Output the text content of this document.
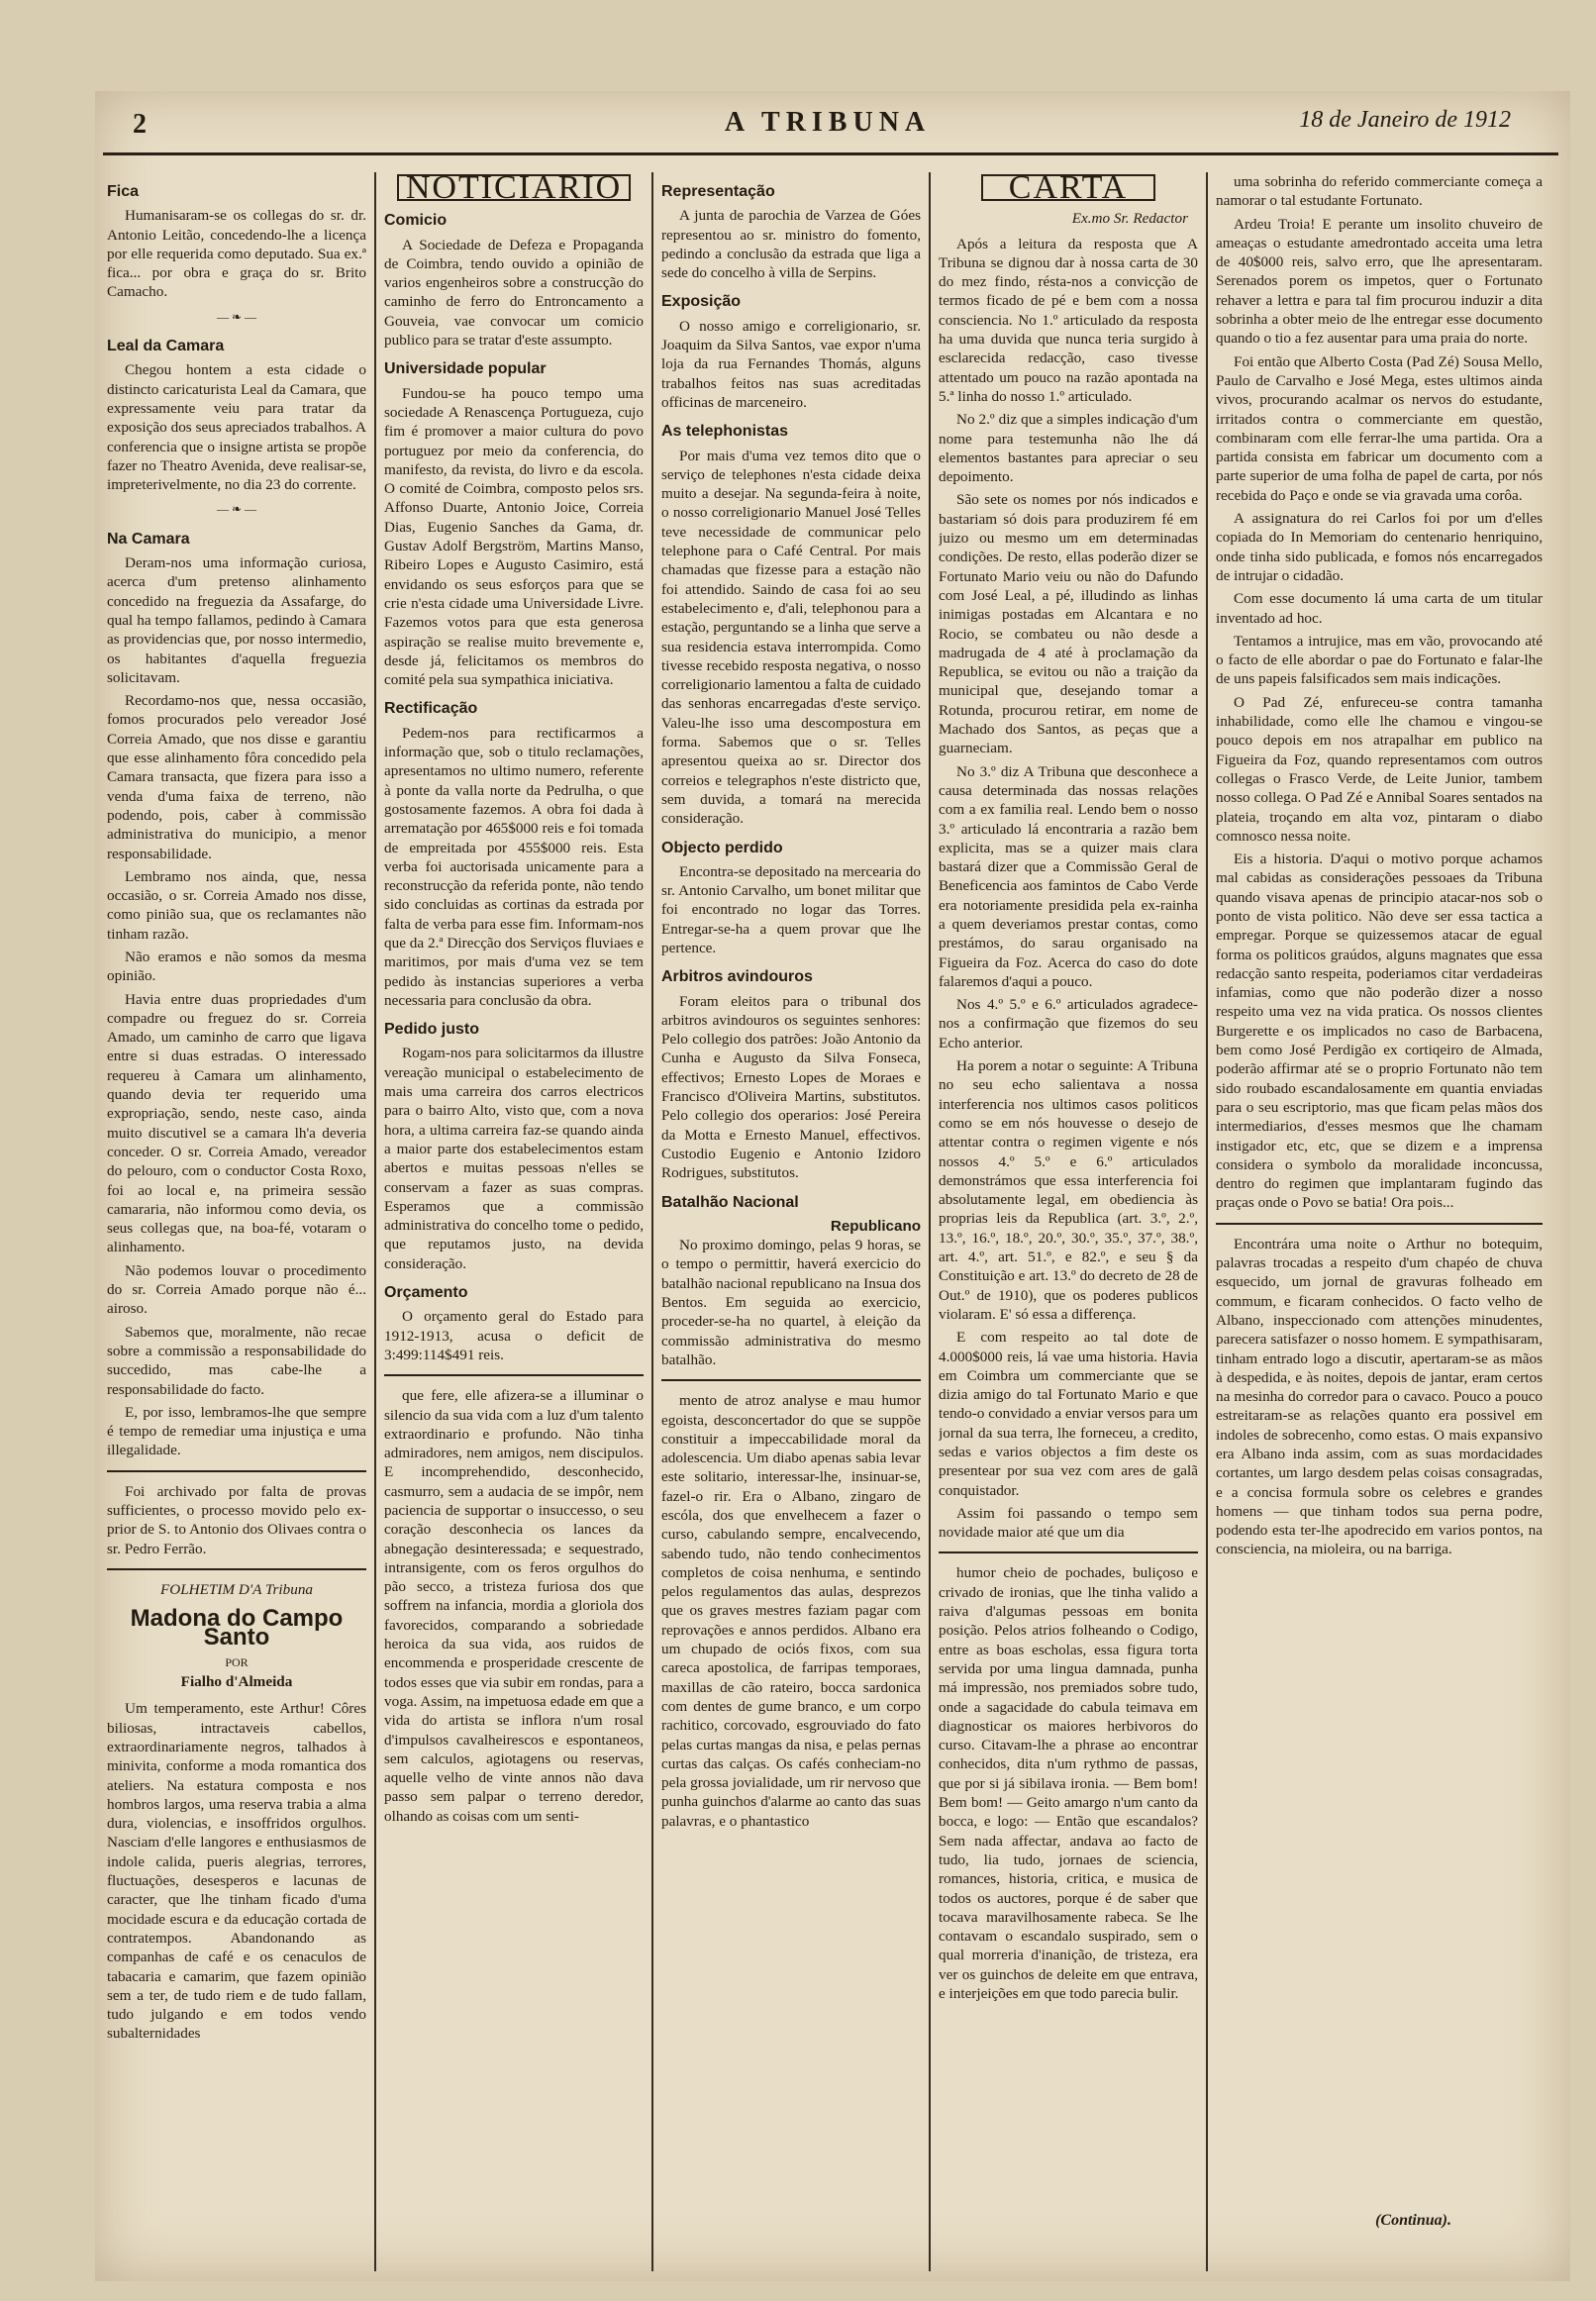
2	A TRIBUNA	18 de Janeiro de 1912
Fica

Humanisaram-se os collegas do sr. dr. Antonio Leitão, concedendo-lhe a licença por elle requerida como deputado. Sua ex.ª fica... por obra e graça do sr. Brito Camacho.

— ❧ —
Leal da Camara

Chegou hontem a esta cidade o distincto caricaturista Leal da Camara, que expressamente veiu para tratar da exposição dos seus apreciados trabalhos. A conferencia que o insigne artista se propõe fazer no Theatro Avenida, deve realisar-se, impreterivelmente, no dia 23 do corrente.

— ❧ —
Na Camara

Deram-nos uma informação curiosa, acerca d'um pretenso alinhamento concedido na freguezia da Assafarge, do qual ha tempo fallamos, pedindo à Camara as providencias que, por nosso intermedio, os habitantes d'aquella freguezia solicitavam.

Recordamo-nos que, nessa occasião, fomos procurados pelo vereador José Correia Amado, que nos disse e garantiu que esse alinhamento fôra concedido pela Camara transacta, que fizera para isso a venda d'uma faixa de terreno, não podendo, pois, caber à commissão administrativa do municipio, a menor responsabilidade.

Lembramo nos ainda, que, nessa occasião, o sr. Correia Amado nos disse, como pinião sua, que os reclamantes não tinham razão.

Não eramos e não somos da mesma opinião.

Havia entre duas propriedades d'um compadre ou freguez do sr. Correia Amado, um caminho de carro que ligava entre si duas estradas. O interessado requereu à Camara um alinhamento, quando devia ter requerido uma expropriação, sendo, neste caso, ainda muito discutivel se a camara lh'a deveria conceder. O sr. Correia Amado, vereador do pelouro, com o conductor Costa Roxo, foi ao local e, na primeira sessão camararia, não informou como devia, os seus collegas que, na boa-fé, votaram o alinhamento.

Não podemos louvar o procedimento do sr. Correia Amado porque não é... airoso.

Sabemos que, moralmente, não recae sobre a commissão a responsabilidade do succedido, mas cabe-lhe a responsabilidade do facto.

E, por isso, lembramos-lhe que sempre é tempo de remediar uma injustiça e uma illegalidade.

Foi archivado por falta de provas sufficientes, o processo movido pelo ex-prior de S. to Antonio dos Olivaes contra o sr. Pedro Ferrão.

FOLHETIM D'A Tribuna
Madona do Campo Santo
POR
Fialho d'Almeida

Um temperamento, este Arthur! Côres biliosas, intractaveis cabellos, extraordinariamente negros, talhados à minivita, conforme a moda romantica dos ateliers. Na estatura composta e nos hombros largos, uma reserva trabia a alma dura, violencias, e insoffridos orgulhos. Nasciam d'elle langores e enthusiasmos de indole calida, pueris alegrias, terrores, fluctuações, desesperos e lacunas de caracter, que lhe tinham ficado d'uma mocidade escura e da educação cortada de contratempos. Abandonando as companhas de café e os cenaculos de tabacaria e camarim, que fazem opinião sem a ter, de tudo riem e de tudo fallam, tudo julgando e em todos vendo subalternidades

NOTICIARIO
Comicio

A Sociedade de Defeza e Propaganda de Coimbra, tendo ouvido a opinião de varios engenheiros sobre a construcção do caminho de ferro do Entroncamento a Gouveia, vae convocar um comicio publico para se tratar d'este assumpto.

Universidade popular

Fundou-se ha pouco tempo uma sociedade A Renascença Portugueza, cujo fim é promover a maior cultura do povo portuguez por meio da conferencia, do manifesto, da revista, do livro e da escola. O comité de Coimbra, composto pelos srs. Affonso Duarte, Antonio Joice, Correia Dias, Eugenio Sanches da Gama, dr. Gustav Adolf Bergström, Martins Manso, Ribeiro Lopes e Augusto Casimiro, está envidando os seus esforços para que se crie n'esta cidade uma Universidade Livre. Fazemos votos para que esta generosa aspiração se realise muito brevemente e, desde já, felicitamos os membros do comité pela sua sympathica iniciativa.

Rectificação

Pedem-nos para rectificarmos a informação que, sob o titulo reclamações, apresentamos no ultimo numero, referente à ponte da valla norte da Pedrulha, o que gostosamente fazemos. A obra foi dada à arrematação por 465$000 reis e foi tomada de empreitada por 455$000 reis. Esta verba foi auctorisada unicamente para a reconstrucção da referida ponte, não tendo sido concluidas as cortinas da estrada por falta de verba para esse fim. Informam-nos que da 2.ª Direcção dos Serviços fluviaes e maritimos, por mais d'uma vez se tem pedido às instancias superiores a verba necessaria para conclusão da obra.

Pedido justo

Rogam-nos para solicitarmos da illustre vereação municipal o estabelecimento de mais uma carreira dos carros electricos para o bairro Alto, visto que, com a nova hora, a ultima carreira faz-se quando ainda a maior parte dos estabelecimentos estam abertos e muitas pessoas n'elles se conservam a fazer as suas compras. Esperamos que a commissão administrativa do concelho tome o pedido, que reputamos justo, na devida consideração.

Orçamento

O orçamento geral do Estado para 1912-1913, acusa o deficit de 3:499:114$491 reis.

que fere, elle afizera-se a illuminar o silencio da sua vida com a luz d'um talento extraordinario e profundo. Não tinha admiradores, nem amigos, nem discipulos. E incomprehendido, desconhecido, casmurro, sem a audacia de se impôr, nem paciencia de supportar o insuccesso, o seu coração desconhecia os lances da abnegação desinteressada; e sequestrado, intransigente, com os feros orgulhos do pão secco, a tristeza furiosa dos que soffrem na infancia, mordia a gloriola dos favorecidos, comparando a sobriedade heroica da sua vida, aos ruidos de encommenda e prosperidade crescente de todos esses que via subir em rondas, para a voga. Assim, na impetuosa edade em que a vida do artista se inflora n'um rosal d'impulsos cavalheirescos e espontaneos, sem calculos, agiotagens ou reservas, aquelle velho de vinte annos não dava passo sem palpar o terreno deredor, olhando as coisas com um senti-

Representação

A junta de parochia de Varzea de Góes representou ao sr. ministro do fomento, pedindo a conclusão da estrada que liga a sede do concelho à villa de Serpins.

Exposição

O nosso amigo e correligionario, sr. Joaquim da Silva Santos, vae expor n'uma loja da rua Fernandes Thomás, alguns trabalhos feitos nas suas acreditadas officinas de marceneiro.

As telephonistas

Por mais d'uma vez temos dito que o serviço de telephones n'esta cidade deixa muito a desejar. Na segunda-feira à noite, o nosso correligionario Manuel José Telles teve necessidade de communicar pelo telephone para o Café Central. Por mais chamadas que fizesse para a estação não foi attendido. Saindo de casa foi ao seu estabelecimento e, d'ali, telephonou para a estação, perguntando se a linha que serve a sua residencia estava interrompida. Como tivesse recebido resposta negativa, o nosso correligionario lamentou a falta de cuidado das senhoras encarregadas d'este serviço. Valeu-lhe isso uma descompostura em forma. Sabemos que o sr. Telles apresentou queixa ao sr. Director dos correios e telegraphos n'este districto que, sem duvida, a tomará na merecida consideração.

Objecto perdido

Encontra-se depositado na mercearia do sr. Antonio Carvalho, um bonet militar que foi encontrado no logar das Torres. Entregar-se-ha a quem provar que lhe pertence.

Arbitros avindouros

Foram eleitos para o tribunal dos arbitros avindouros os seguintes senhores: Pelo collegio dos patrões: João Antonio da Cunha e Augusto da Silva Fonseca, effectivos; Ernesto Lopes de Moraes e Francisco d'Oliveira Martins, substitutos. Pelo collegio dos operarios: José Pereira da Motta e Ernesto Manuel, effectivos. Custodio Eugenio e Antonio Izidoro Rodrigues, substitutos.

Batalhão Nacional
Republicano

No proximo domingo, pelas 9 horas, se o tempo o permittir, haverá exercicio do batalhão nacional republicano na Insua dos Bentos. Em seguida ao exercicio, proceder-se-ha no quartel, à eleição da commissão administrativa do mesmo batalhão.

mento de atroz analyse e mau humor egoista, desconcertador do que se suppõe constituir a impeccabilidade moral da adolescencia. Um diabo apenas sabia levar este solitario, interessar-lhe, insinuar-se, fazel-o rir. Era o Albano, zingaro de escóla, dos que envelhecem a fazer o curso, cabulando sempre, encalvecendo, sabendo tudo, não tendo conhecimentos completos de coisa nenhuma, e sentindo pelos regulamentos das aulas, desprezos que os graves mestres faziam pagar com reprovações e annos perdidos. Albano era um chupado de ociós fixos, com sua careca apostolica, de farripas temporaes, maxillas de cão rateiro, bocca sardonica com dentes de gume branco, e um corpo rachitico, corcovado, esgrouviado do fato pelas curtas mangas da nisa, e pelas pernas curtas das calças. Os cafés conheciam-no pela grossa jovialidade, um rir nervoso que punha guinchos d'alarme ao canto das suas palavras, e o phantastico

CARTA
Ex.mo Sr. Redactor

Após a leitura da resposta que A Tribuna se dignou dar à nossa carta de 30 do mez findo, résta-nos a convicção de termos ficado de pé e bem com a nossa consciencia. No 1.º articulado da resposta ha uma duvida que nunca teria surgido à esclarecida redacção, caso tivesse attentado um pouco na razão apontada na 5.ª linha do nosso 1.º articulado.

No 2.º diz que a simples indicação d'um nome para testemunha não lhe dá elementos bastantes para apreciar o seu depoimento.

São sete os nomes por nós indicados e bastariam só dois para produzirem fé em juizo ou mesmo um em determinadas condições. De resto, ellas poderão dizer se Fortunato Mario veiu ou não do Dafundo com José Leal, a pé, illudindo as linhas inimigas postadas em Alcantara e no Rocio, se combateu ou não desde a madrugada de 4 até à proclamação da Republica, se evitou ou não a traição da municipal que, desejando tomar a Rotunda, procurou retirar, em nome de Machado dos Santos, as peças que a guarneciam.

No 3.º diz A Tribuna que desconhece a causa determinada das nossas relações com a ex familia real. Lendo bem o nosso 3.º articulado lá encontraria a razão bem explicita, mas se a quizer mais clara bastará dizer que a Commissão Geral de Beneficencia aos famintos de Cabo Verde era notoriamente presidida pela ex-rainha a quem deveriamos prestar contas, como prestámos, do sarau organisado na Figueira da Foz. Acerca do caso do dote falaremos d'aqui a pouco.

Nos 4.º 5.º e 6.º articulados agradece-nos a confirmação que fizemos do seu Echo anterior.

Ha porem a notar o seguinte: A Tribuna no seu echo salientava a nossa interferencia nos ultimos casos politicos como se em nós houvesse o desejo de attentar contra o regimen vigente e nós nossos 4.º 5.º e 6.º articulados demonstrámos que essa interferencia foi absolutamente legal, em obediencia às proprias leis da Republica (art. 3.º, 2.º, 13.º, 16.º, 18.º, 20.º, 30.º, 35.º, 37.º, 38.º, art. 4.º, art. 51.º, e 82.º, e seu § da Constituição e art. 13.º do decreto de 28 de Out.º de 1910), que os poderes publicos violaram. E' só essa a differença.

E com respeito ao tal dote de 4.000$000 reis, lá vae uma historia. Havia em Coimbra um commerciante que se dizia amigo do tal Fortunato Mario e que tendo-o convidado a enviar versos para um jornal da sua terra, lhe forneceu, a credito, sedas e varios objectos a fim deste os presentear por sua vez com ares de galã conquistador.

Assim foi passando o tempo sem novidade maior até que um dia

humor cheio de pochades, buliçoso e crivado de ironias, que lhe tinha valido a raiva d'algumas pessoas em bonita posição. Pelos atrios folheando o Codigo, entre as boas escholas, essa figura torta servida por uma lingua damnada, punha má impressão, nos premiados sobre tudo, onde a sagacidade do cabula teimava em diagnosticar os maiores herbivoros do curso. Citavam-lhe a phrase ao encontrar conhecidos, dita n'um rythmo de passas, que por si já sibilava ironia. — Bem bom! Bem bom! — Geito amargo n'um canto da bocca, e logo: — Então que escandalos? Sem nada affectar, andava ao facto de tudo, lia tudo, jornaes de sciencia, romances, historia, critica, e musica de todos os auctores, porque é de saber que tocava maravilhosamente rabeca. Se lhe contavam o escandalo suspirado, sem o qual morreria d'inanição, de tristeza, era ver os guinchos de deleite em que entrava, e interjeições em que todo parecia bulir.

uma sobrinha do referido commerciante começa a namorar o tal estudante Fortunato.

Ardeu Troia! E perante um insolito chuveiro de ameaças o estudante amedrontado acceita uma letra de 40$000 reis, salvo erro, que lhe apresentaram. Serenados porem os impetos, quer o Fortunato rehaver a lettra e para tal fim procurou induzir a dita sobrinha a obter meio de lhe entregar esse documento quando o tio a fez ausentar para uma praia do norte.

Foi então que Alberto Costa (Pad Zé) Sousa Mello, Paulo de Carvalho e José Mega, estes ultimos ainda vivos, procurando acalmar os nervos do estudante, irritados contra o commerciante em questão, combinaram com elle ferrar-lhe uma partida. Ora a partida consista em fabricar um documento com a parte superior de uma folha de papel de carta, por nós recebida do Paço e onde se via gravada uma corôa.

A assignatura do rei Carlos foi por um d'elles copiada do In Memoriam do centenario henriquino, onde tinha sido publicada, e fomos nós encarregados de intrujar o cidadão.

Com esse documento lá uma carta de um titular inventado ad hoc.

Tentamos a intrujice, mas em vão, provocando até o facto de elle abordar o pae do Fortunato e falar-lhe de uns papeis falsificados sem mais indicações.

O Pad Zé, enfureceu-se contra tamanha inhabilidade, como elle lhe chamou e vingou-se pouco depois em nos atrapalhar em publico na Figueira da Foz, quando representamos com outros collegas o Frasco Verde, de Leite Junior, tambem nosso collega. O Pad Zé e Annibal Soares sentados na plateia, troçando em alta voz, pintaram o diabo comnosco nessa noite.

Eis a historia. D'aqui o motivo porque achamos mal cabidas as considerações pessoaes da Tribuna quando visava apenas de principio atacar-nos sob o ponto de vista politico. Não deve ser essa tactica a empregar. Porque se quizessemos atacar de egual forma os politicos graúdos, alguns magnates que essa redacção santo respeita, poderiamos citar verdadeiras infamias, como que não poderão dizer a nosso respeito uma vez na vida pratica. Os nossos clientes Burgerette e os implicados no caso de Barbacena, bem como José Perdigão ex cortiqeiro de Almada, poderão affirmar até se o proprio Fortunato não tem sido roubado escandalosamente em quantia enviadas para o seu escriptorio, mas que ficam pelas mãos dos intermediarios, d'esses mesmos que lhe chamam instigador etc, etc, que se dizem e a imprensa considera o symbolo da moralidade inconcussa, dentro do regimen que implantaram fugindo das praças onde o Povo se batia! Ora pois...

Encontrára uma noite o Arthur no botequim, palavras trocadas a respeito d'um chapéo de chuva esquecido, um jornal de gravuras folheado em commum, e ficaram conhecidos. O facto velho de Albano, inspeccionado com attenções minudentes, parecera satisfazer o nosso homem. E sympathisaram, tinham entrado logo a discutir, apertaram-se as mãos à despedida, e às noites, depois de jantar, eram certos na mesinha do corredor para o cavaco. Pouco a pouco estreitaram-se as relações quanto era possivel em indoles de sobrecenho, como estas. O mais expansivo era Albano inda assim, com as suas mordacidades cortantes, um largo desdem pelas coisas consagradas, e a concisa formula sobre os celebres e grandes homens — que tinham todos sua perna podre, podendo esta ter-lhe apodrecido em varios pontos, na consciencia, na mioleira, ou na barriga.

(Continua).
